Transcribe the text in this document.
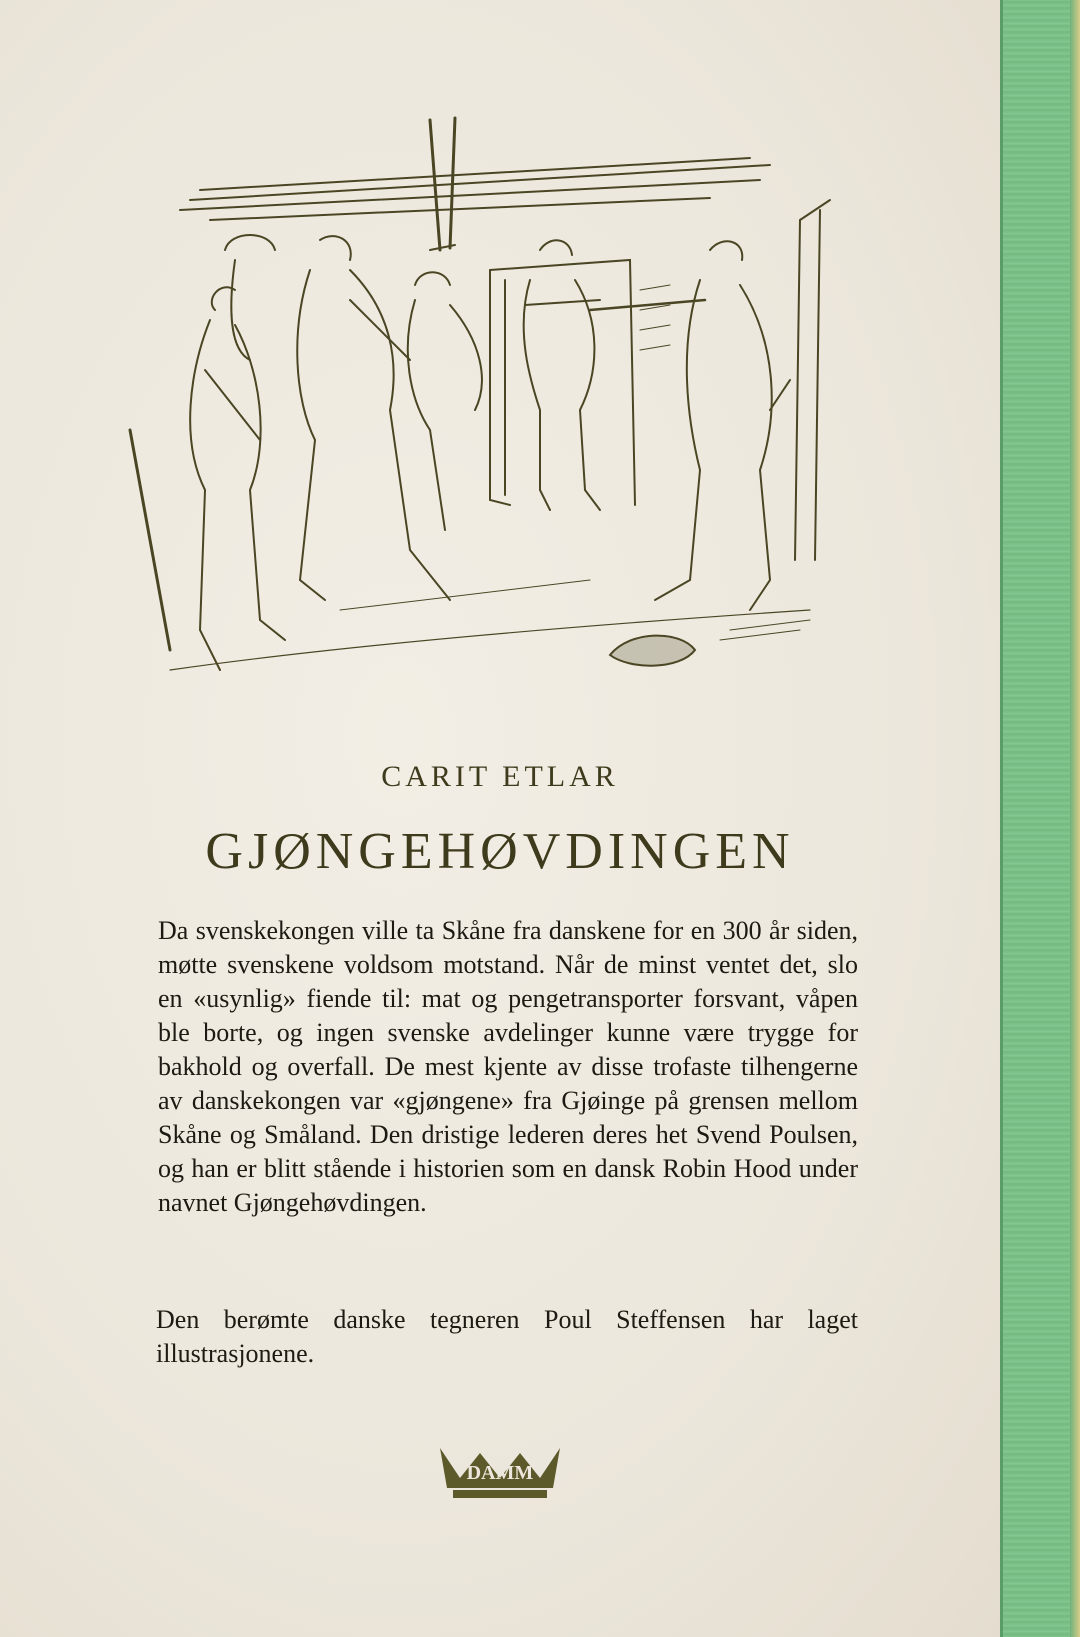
CARIT ETLAR
GJØNGEHØVDINGEN

Da svenskekongen ville ta Skåne fra danskene for en 300 år siden, møtte svenskene voldsom motstand. Når de minst ventet det, slo en «usynlig» fiende til: mat og pengetransporter forsvant, våpen ble borte, og ingen svenske avdelinger kunne være trygge for bakhold og overfall. De mest kjente av disse trofaste tilhengerne av danskekongen var «gjøngene» fra Gjøinge på grensen mellom Skåne og Småland. Den dristige lederen deres het Svend Poulsen, og han er blitt stående i historien som en dansk Robin Hood under navnet Gjøngehøvdingen.

Den berømte danske tegneren Poul Steffensen har laget illustrasjonene.

DAMM
